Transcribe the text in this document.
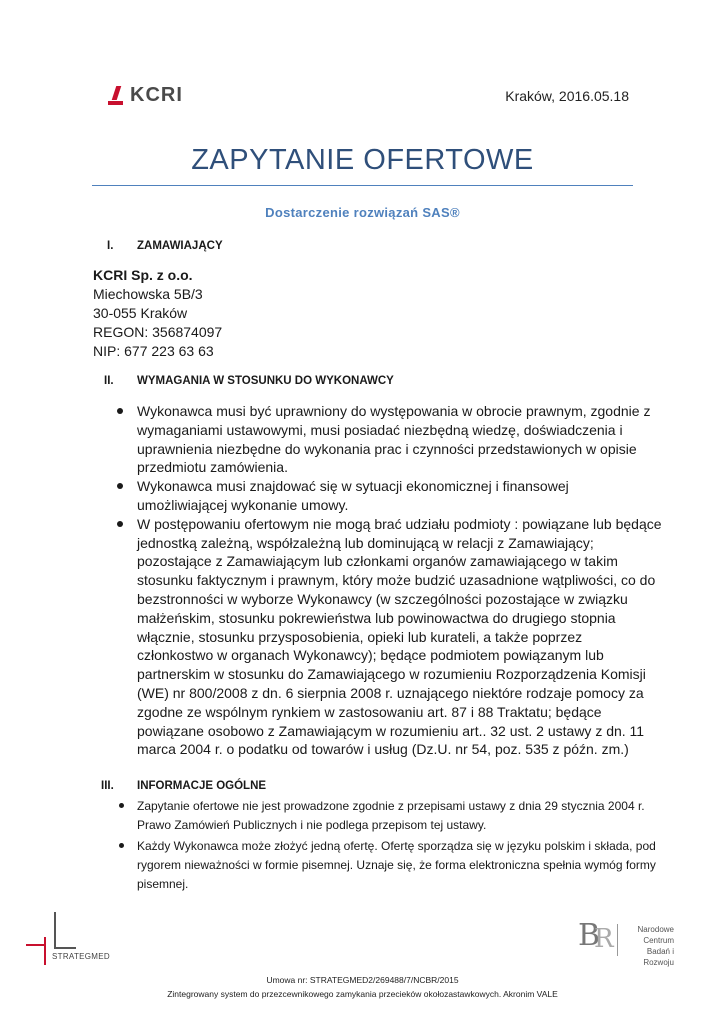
KCRI	Kraków, 2016.05.18
ZAPYTANIE OFERTOWE
Dostarczenie rozwiązań SAS®
I. ZAMAWIAJĄCY
KCRI Sp. z o.o.
Miechowska 5B/3
30-055 Kraków
REGON: 356874097
NIP: 677 223 63 63
II. WYMAGANIA W STOSUNKU DO WYKONAWCY
Wykonawca musi być uprawniony do występowania w obrocie prawnym, zgodnie z wymaganiami ustawowymi, musi posiadać niezbędną wiedzę, doświadczenia i uprawnienia niezbędne do wykonania prac i czynności przedstawionych w opisie przedmiotu zamówienia.
Wykonawca musi znajdować się w sytuacji ekonomicznej i finansowej umożliwiającej wykonanie umowy.
W postępowaniu ofertowym nie mogą brać udziału podmioty : powiązane lub będące jednostką zależną, współzależną lub dominującą w relacji z Zamawiający; pozostające z Zamawiającym lub członkami organów zamawiającego w takim stosunku faktycznym i prawnym, który może budzić uzasadnione wątpliwości, co do bezstronności w wyborze Wykonawcy (w szczególności pozostające w związku małżeńskim, stosunku pokrewieństwa lub powinowactwa do drugiego stopnia włącznie, stosunku przysposobienia, opieki lub kurateli, a także poprzez członkostwo w organach Wykonawcy); będące podmiotem powiązanym lub partnerskim w stosunku do Zamawiającego w rozumieniu Rozporządzenia Komisji (WE) nr 800/2008 z dn. 6 sierpnia 2008 r. uznającego niektóre rodzaje pomocy za zgodne ze wspólnym rynkiem w zastosowaniu art. 87 i 88 Traktatu; będące powiązane osobowo z Zamawiającym w rozumieniu art.. 32 ust. 2 ustawy z dn. 11 marca 2004 r. o podatku od towarów i usług (Dz.U. nr 54, poz. 535 z późn. zm.)
III. INFORMACJE OGÓLNE
Zapytanie ofertowe nie jest prowadzone zgodnie z przepisami ustawy z dnia 29 stycznia 2004 r. Prawo Zamówień Publicznych i nie podlega przepisom tej ustawy.
Każdy Wykonawca może złożyć jedną ofertę. Ofertę sporządza się w języku polskim i składa, pod rygorem nieważności w formie pisemnej. Uznaje się, że forma elektroniczna spełnia wymóg formy pisemnej.
STRATEGMED
B
R	Narodowe Centrum
Badań i Rozwoju
Umowa nr: STRATEGMED2/269488/7/NCBR/2015
Zintegrowany system do przezcewnikowego zamykania przecieków okołozastawkowych. Akronim VALE
